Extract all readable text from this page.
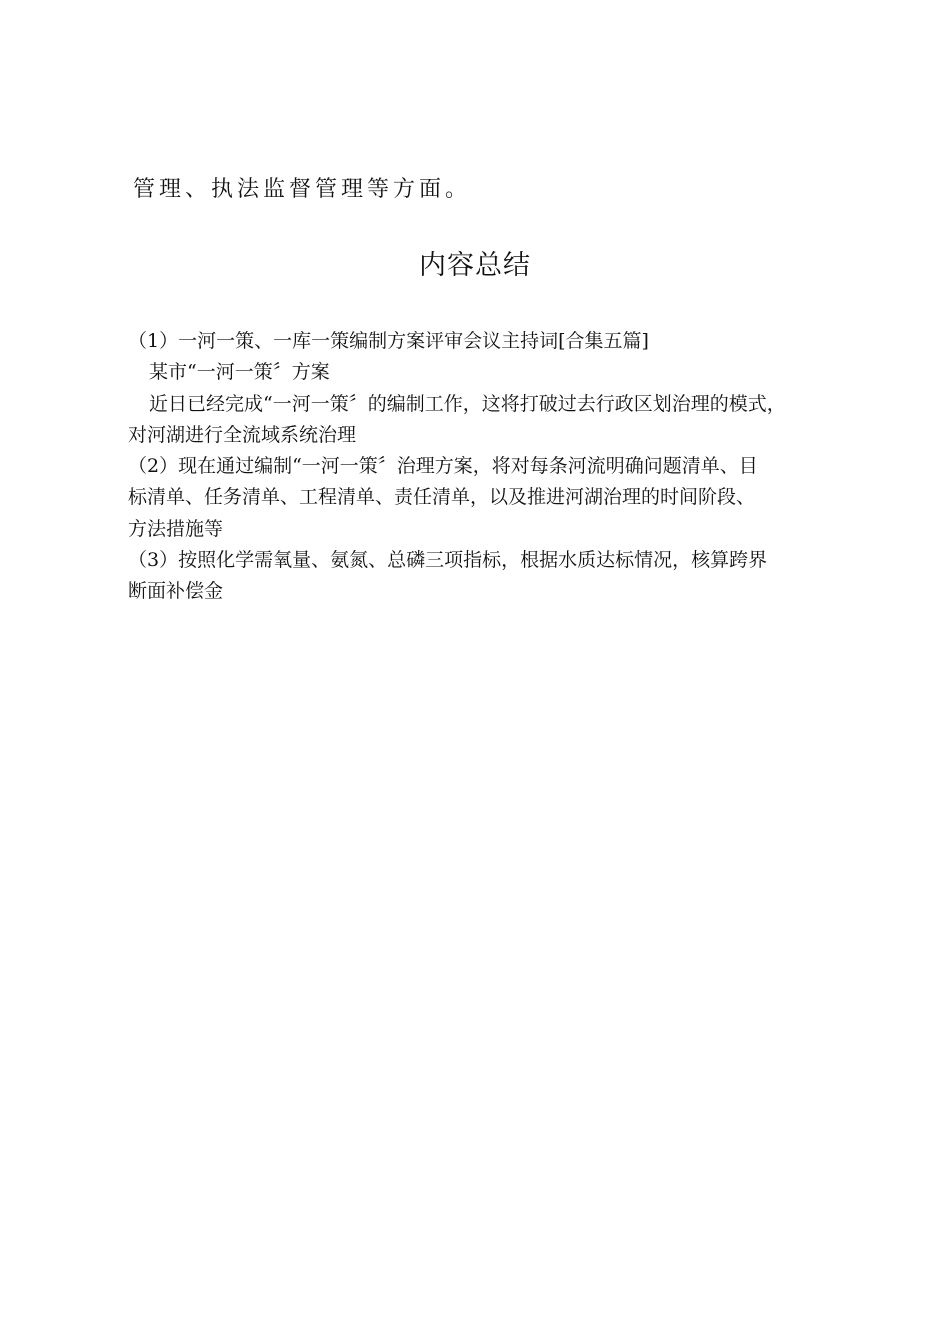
管理、执法监督管理等方面。
内容总结

（1）一河一策、一库一策编制方案评审会议主持词[合集五篇]

某市“一河一策〞方案

近日已经完成“一河一策〞的编制工作，这将打破过去行政区划治理的模式，

对河湖进行全流域系统治理

（2）现在通过编制“一河一策〞治理方案，将对每条河流明确问题清单、目

标清单、任务清单、工程清单、责任清单，以及推进河湖治理的时间阶段、

方法措施等

（3）按照化学需氧量、氨氮、总磷三项指标，根据水质达标情况，核算跨界

断面补偿金
